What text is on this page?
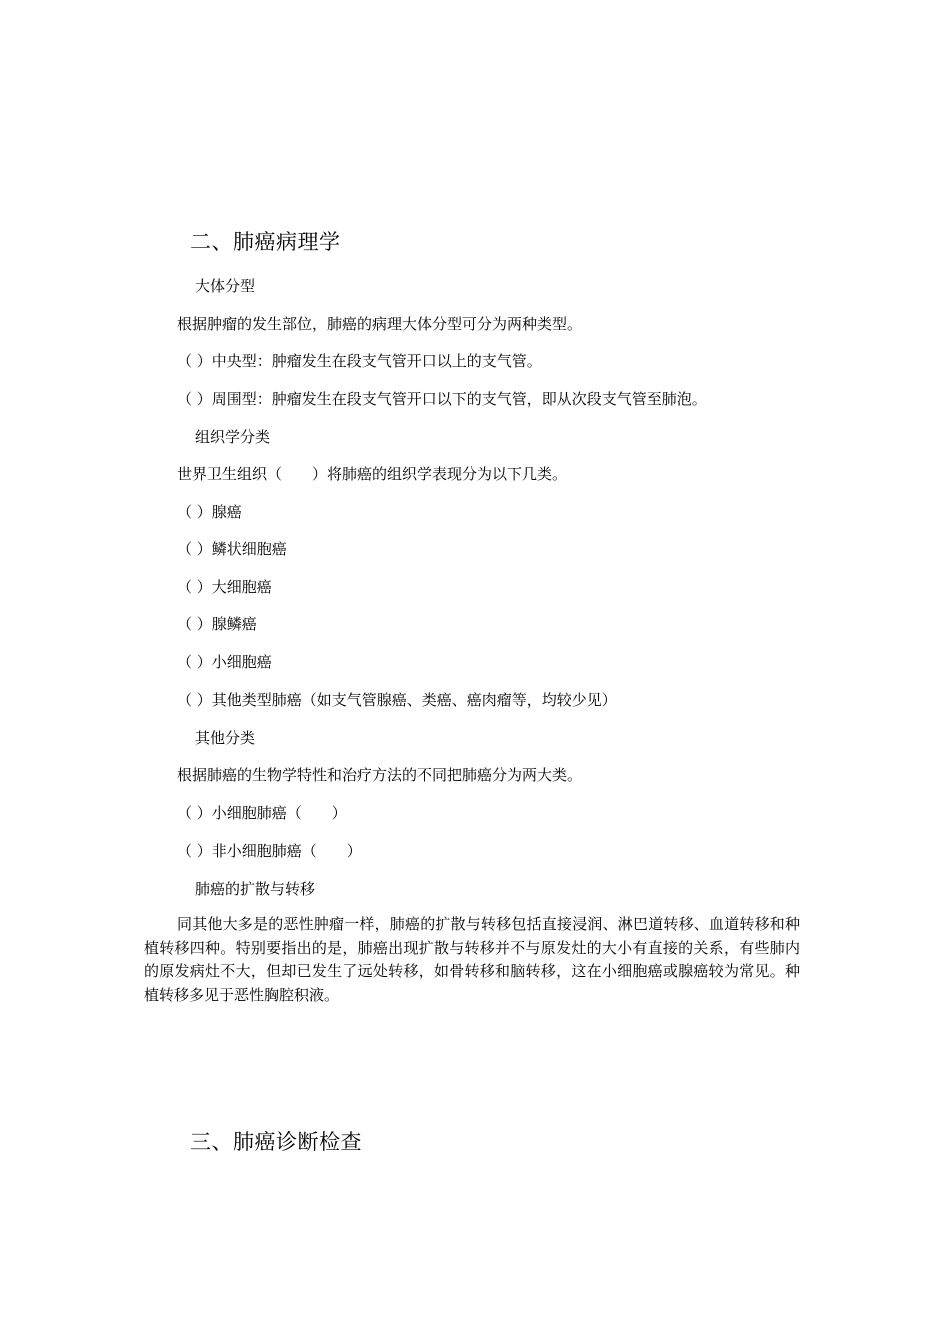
二、肺癌病理学

大体分型

根据肿瘤的发生部位，肺癌的病理大体分型可分为两种类型。

（ ）中央型：肿瘤发生在段支气管开口以上的支气管。

（ ）周围型：肿瘤发生在段支气管开口以下的支气管，即从次段支气管至肺泡。

组织学分类

世界卫生组织（　　）将肺癌的组织学表现分为以下几类。

（ ）腺癌

（ ）鳞状细胞癌

（ ）大细胞癌

（ ）腺鳞癌

（ ）小细胞癌

（ ）其他类型肺癌（如支气管腺癌、类癌、癌肉瘤等，均较少见）

其他分类

根据肺癌的生物学特性和治疗方法的不同把肺癌分为两大类。

（ ）小细胞肺癌（　　）

（ ）非小细胞肺癌（　　）

肺癌的扩散与转移

同其他大多是的恶性肿瘤一样，肺癌的扩散与转移包括直接浸润、淋巴道转移、血道转移和种植转移四种。特别要指出的是，肺癌出现扩散与转移并不与原发灶的大小有直接的关系，有些肺内的原发病灶不大，但却已发生了远处转移，如骨转移和脑转移，这在小细胞癌或腺癌较为常见。种植转移多见于恶性胸腔积液。

三、肺癌诊断检查
